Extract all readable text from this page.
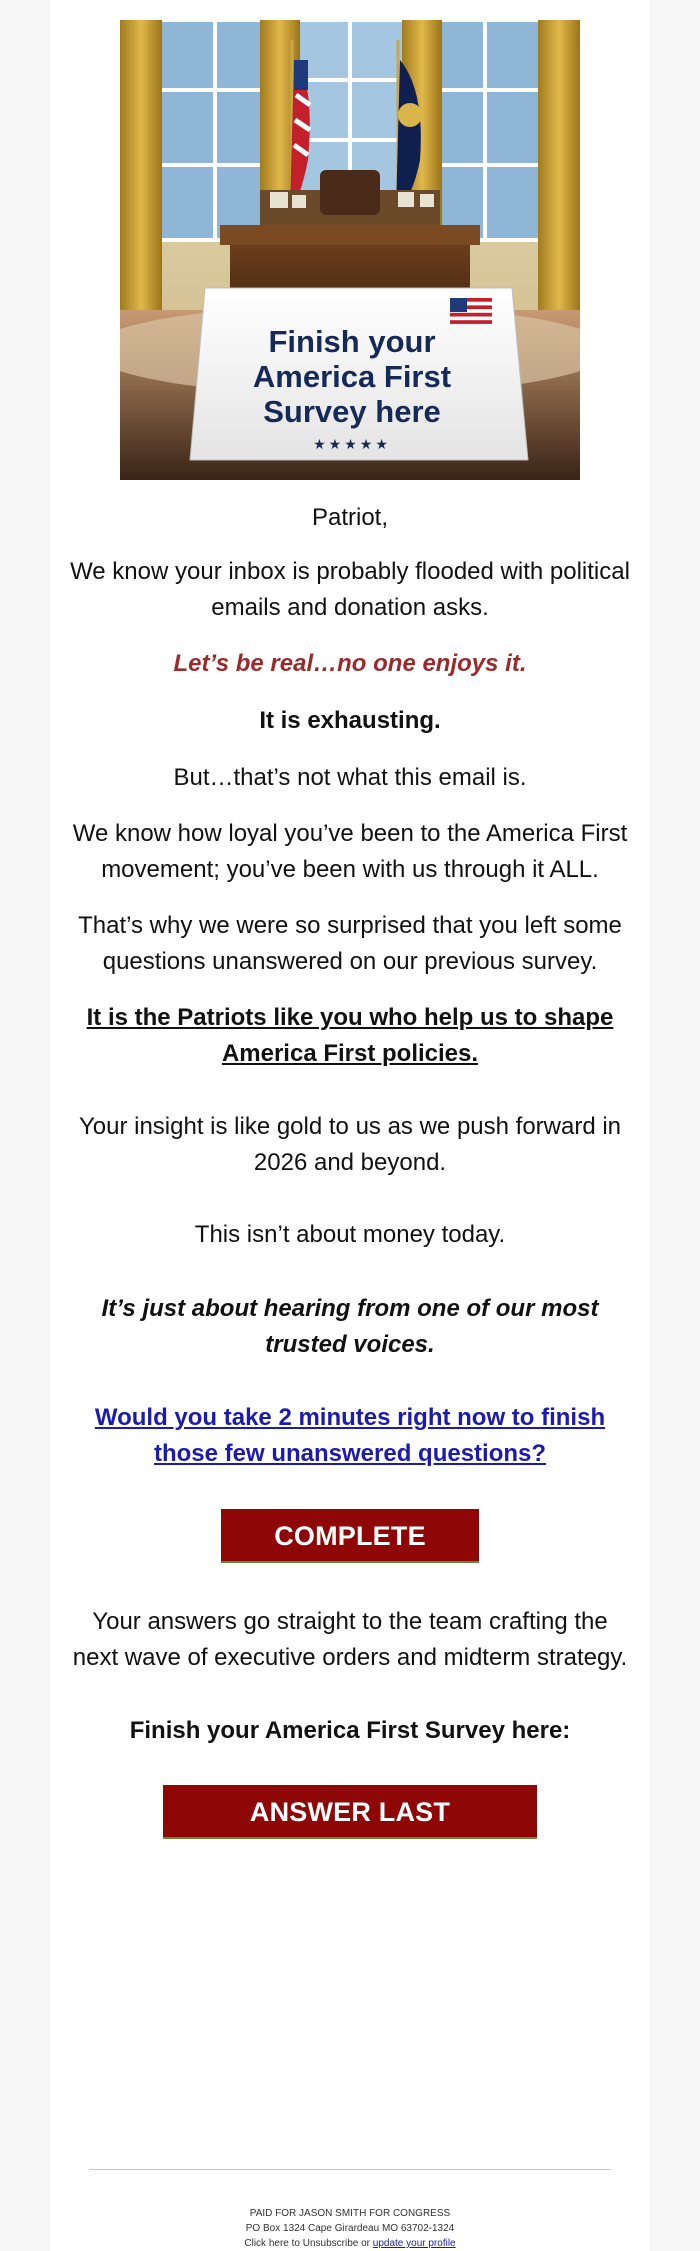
Finish your
America First
Survey here
★★★★★

Patriot,

We know your inbox is probably flooded with political emails and donation asks.

Let’s be real…no one enjoys it.

It is exhausting.

But…that’s not what this email is.

We know how loyal you’ve been to the America First movement; you’ve been with us through it ALL.

That’s why we were so surprised that you left some questions unanswered on our previous survey.

It is the Patriots like you who help us to shape America First policies.

Your insight is like gold to us as we push forward in 2026 and beyond.

This isn’t about money today.

It’s just about hearing from one of our most trusted voices.

Would you take 2 minutes right now to finish those few unanswered questions?

COMPLETE SURVEY

Your answers go straight to the team crafting the next wave of executive orders and midterm strategy.

Finish your America First Survey here:

ANSWER LAST QUESTION
PAID FOR JASON SMITH FOR CONGRESS
PO Box 1324 Cape Girardeau MO 63702-1324
Click here to Unsubscribe or update your profile
